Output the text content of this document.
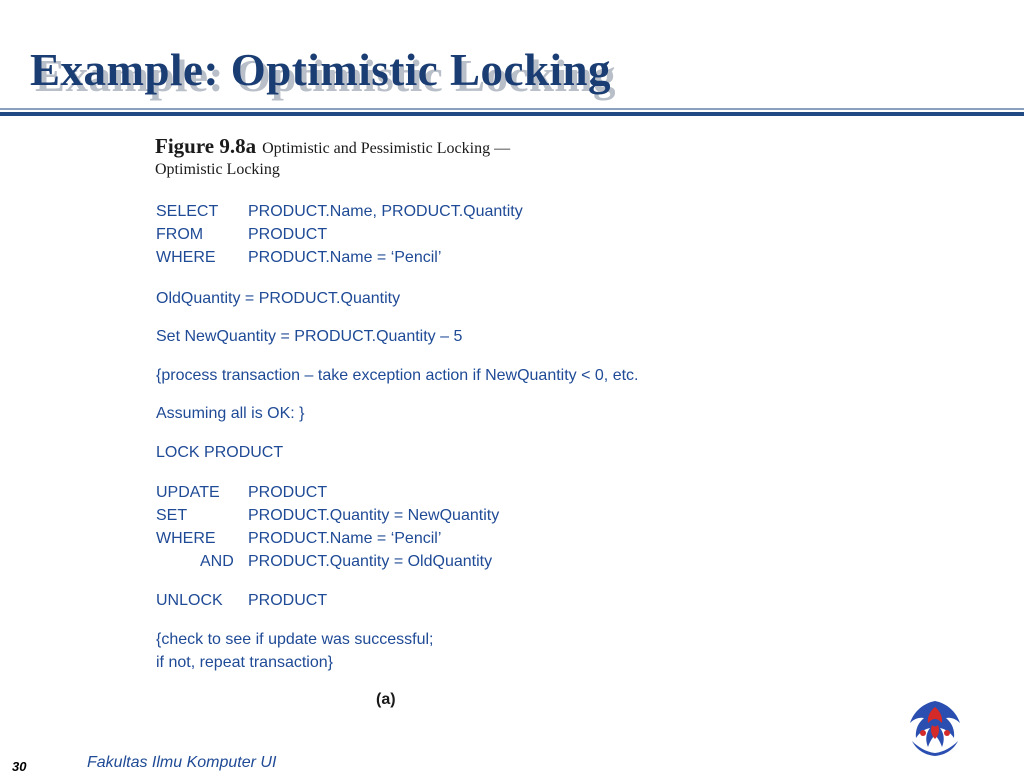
Example: Optimistic Locking
Figure 9.8a Optimistic and Pessimistic Locking —
Optimistic Locking
SELECT PRODUCT.Name, PRODUCT.Quantity
FROM	PRODUCT
WHERE PRODUCT.Name = ‘Pencil’
OldQuantity = PRODUCT.Quantity
Set NewQuantity = PRODUCT.Quantity – 5
{process transaction – take exception action if NewQuantity < 0, etc.
Assuming all is OK: }
LOCK PRODUCT
UPDATE PRODUCT
SET	PRODUCT.Quantity = NewQuantity
WHERE PRODUCT.Name = ‘Pencil’
AND PRODUCT.Quantity = OldQuantity
UNLOCK PRODUCT
{check to see if update was successful;
if not, repeat transaction}
(a)
30	Fakultas Ilmu Komputer UI
